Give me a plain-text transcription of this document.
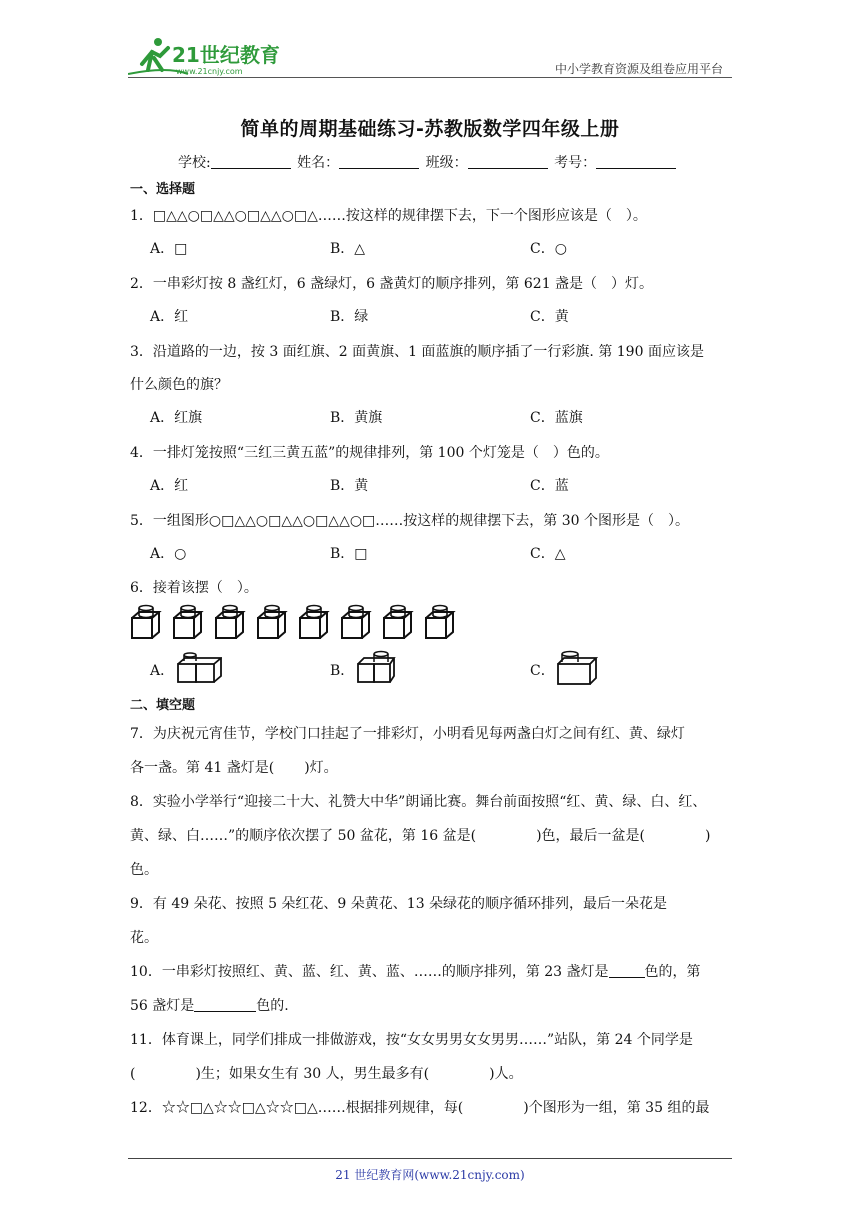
21世纪教育
www.21cnjy.com	中小学教育资源及组卷应用平台
简单的周期基础练习-苏教版数学四年级上册
学校:	姓名：	班级：	考号：
一、选择题
1．□△△○□△△○□△△○□△……按这样的规律摆下去，下一个图形应该是（　）。
A．□	B．△	C．○
2．一串彩灯按 8 盏红灯，6 盏绿灯，6 盏黄灯的顺序排列，第 621 盏是（　）灯。
A．红	B．绿	C．黄
3．沿道路的一边，按 3 面红旗、2 面黄旗、1 面蓝旗的顺序插了一行彩旗. 第 190 面应该是
什么颜色的旗？
A．红旗	B．黄旗	C．蓝旗
4．一排灯笼按照“三红三黄五蓝”的规律排列，第 100 个灯笼是（　）色的。
A．红	B．黄	C．蓝
5．一组图形○□△△○□△△○□△△○□……按这样的规律摆下去，第 30 个图形是（　）。
A．○	B．□	C．△
6．接着该摆（　）。
A．	B．	C．
二、填空题
7．为庆祝元宵佳节，学校门口挂起了一排彩灯，小明看见每两盏白灯之间有红、黄、绿灯
各一盏。第 41 盏灯是( )灯。
8．实验小学举行“迎接二十大、礼赞大中华”朗诵比赛。舞台前面按照“红、黄、绿、白、红、
黄、绿、白……”的顺序依次摆了 50 盆花，第 16 盆是(	)色，最后一盆是(	)
色。
9．有 49 朵花、按照 5 朵红花、9 朵黄花、13 朵绿花的顺序循环排列，最后一朵花是
花。
10．一串彩灯按照红、黄、蓝、红、黄、蓝、……的顺序排列，第 23 盏灯是	色的，第
56 盏灯是	色的.
11．体育课上，同学们排成一排做游戏，按“女女男男女女男男……”站队，第 24 个同学是
(	)生；如果女生有 30 人，男生最多有(	)人。
12．☆☆□△☆☆□△☆☆□△……根据排列规律，每(	)个图形为一组，第 35 组的最
21 世纪教育网(www.21cnjy.com)
